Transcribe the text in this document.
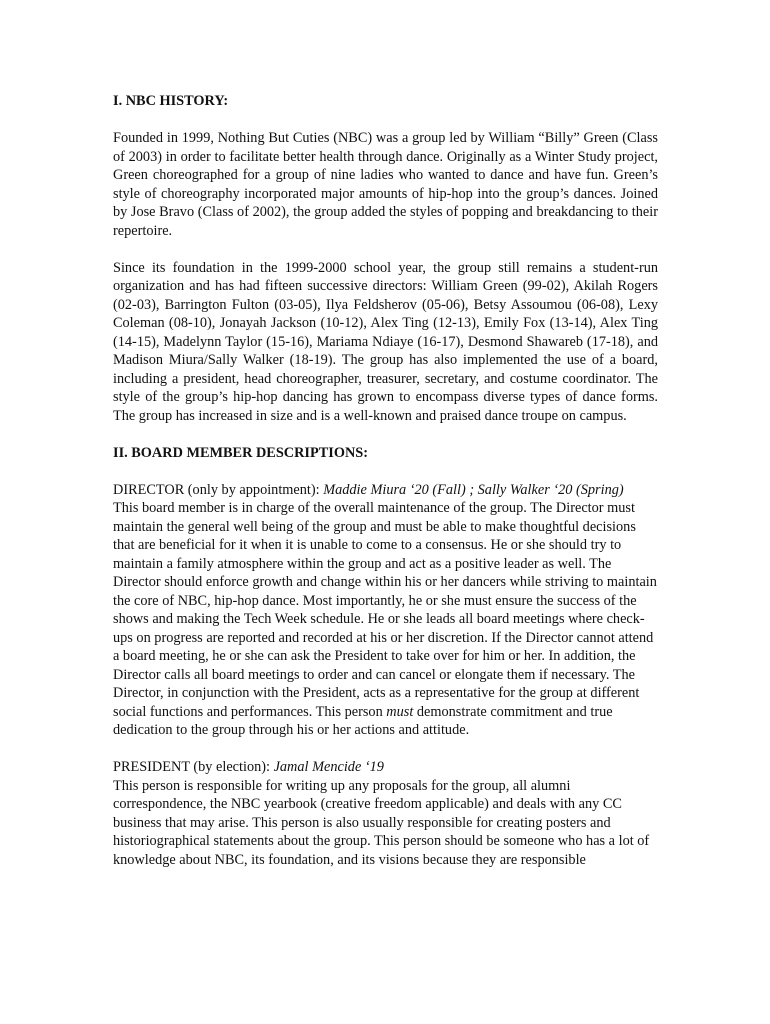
I. NBC HISTORY:
Founded in 1999, Nothing But Cuties (NBC) was a group led by William “Billy” Green (Class of 2003) in order to facilitate better health through dance. Originally as a Winter Study project, Green choreographed for a group of nine ladies who wanted to dance and have fun. Green’s style of choreography incorporated major amounts of hip-hop into the group’s dances. Joined by Jose Bravo (Class of 2002), the group added the styles of popping and breakdancing to their repertoire.
Since its foundation in the 1999-2000 school year, the group still remains a student-run organization and has had fifteen successive directors: William Green (99-02), Akilah Rogers (02-03), Barrington Fulton (03-05), Ilya Feldsherov (05-06), Betsy Assoumou (06-08), Lexy Coleman (08-10), Jonayah Jackson (10-12), Alex Ting (12-13), Emily Fox (13-14), Alex Ting (14-15), Madelynn Taylor (15-16), Mariama Ndiaye (16-17), Desmond Shawareb (17-18), and Madison Miura/Sally Walker (18-19). The group has also implemented the use of a board, including a president, head choreographer, treasurer, secretary, and costume coordinator. The style of the group’s hip-hop dancing has grown to encompass diverse types of dance forms. The group has increased in size and is a well-known and praised dance troupe on campus.
II. BOARD MEMBER DESCRIPTIONS:
DIRECTOR (only by appointment): Maddie Miura ‘20 (Fall) ; Sally Walker ‘20 (Spring)
This board member is in charge of the overall maintenance of the group. The Director must maintain the general well being of the group and must be able to make thoughtful decisions that are beneficial for it when it is unable to come to a consensus. He or she should try to maintain a family atmosphere within the group and act as a positive leader as well. The Director should enforce growth and change within his or her dancers while striving to maintain the core of NBC, hip-hop dance. Most importantly, he or she must ensure the success of the shows and making the Tech Week schedule. He or she leads all board meetings where check-ups on progress are reported and recorded at his or her discretion. If the Director cannot attend a board meeting, he or she can ask the President to take over for him or her. In addition, the Director calls all board meetings to order and can cancel or elongate them if necessary. The Director, in conjunction with the President, acts as a representative for the group at different social functions and performances. This person must demonstrate commitment and true dedication to the group through his or her actions and attitude.
PRESIDENT (by election): Jamal Mencide ‘19
This person is responsible for writing up any proposals for the group, all alumni correspondence, the NBC yearbook (creative freedom applicable) and deals with any CC business that may arise. This person is also usually responsible for creating posters and historiographical statements about the group. This person should be someone who has a lot of knowledge about NBC, its foundation, and its visions because they are responsible
